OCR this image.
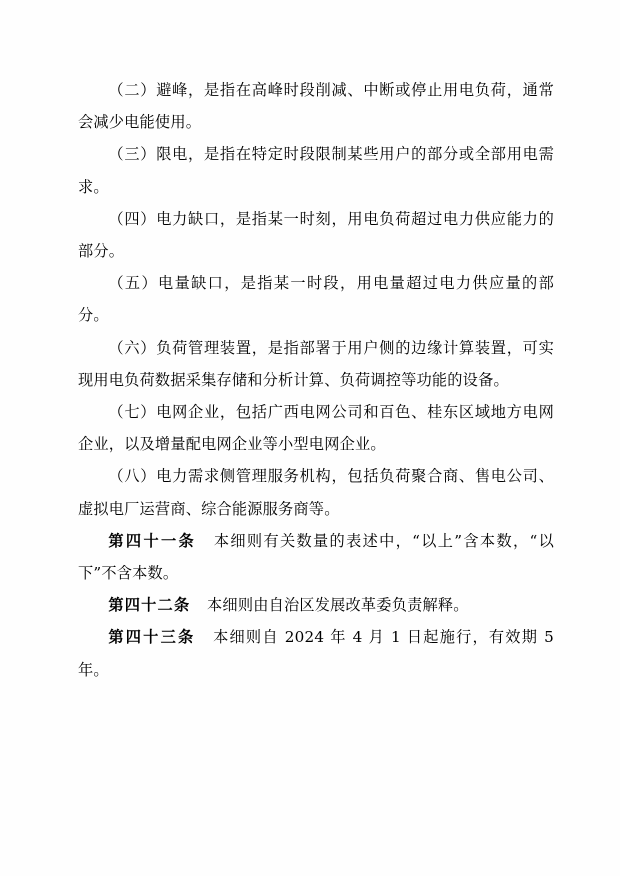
（二）避峰，是指在高峰时段削减、中断或停止用电负荷，通常会减少电能使用。

（三）限电，是指在特定时段限制某些用户的部分或全部用电需求。

（四）电力缺口，是指某一时刻，用电负荷超过电力供应能力的部分。

（五）电量缺口，是指某一时段，用电量超过电力供应量的部分。

（六）负荷管理装置，是指部署于用户侧的边缘计算装置，可实现用电负荷数据采集存储和分析计算、负荷调控等功能的设备。

（七）电网企业，包括广西电网公司和百色、桂东区域地方电网企业，以及增量配电网企业等小型电网企业。

（八）电力需求侧管理服务机构，包括负荷聚合商、售电公司、虚拟电厂运营商、综合能源服务商等。

第四十一条 本细则有关数量的表述中，“以上”含本数，“以下”不含本数。

第四十二条 本细则由自治区发展改革委负责解释。

第四十三条 本细则自 2024 年 4 月 1 日起施行，有效期 5 年。
